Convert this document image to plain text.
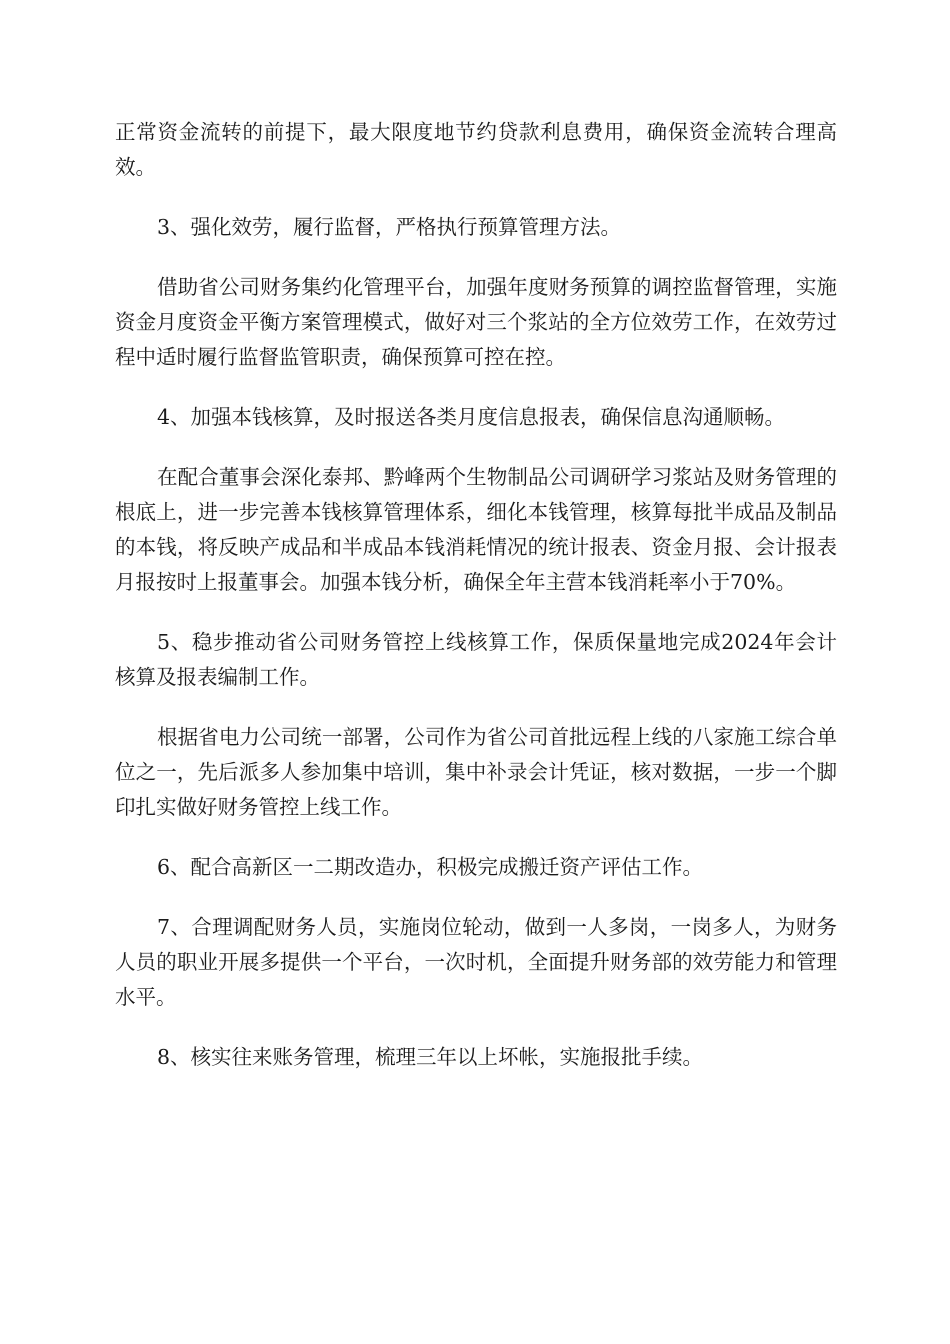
正常资金流转的前提下，最大限度地节约贷款利息费用，确保资金流转合理高效。

3、强化效劳，履行监督，严格执行预算管理方法。

借助省公司财务集约化管理平台，加强年度财务预算的调控监督管理，实施资金月度资金平衡方案管理模式，做好对三个浆站的全方位效劳工作，在效劳过程中适时履行监督监管职责，确保预算可控在控。

4、加强本钱核算，及时报送各类月度信息报表，确保信息沟通顺畅。

在配合董事会深化泰邦、黔峰两个生物制品公司调研学习浆站及财务管理的根底上，进一步完善本钱核算管理体系，细化本钱管理，核算每批半成品及制品的本钱，将反映产成品和半成品本钱消耗情况的统计报表、资金月报、会计报表月报按时上报董事会。加强本钱分析，确保全年主营本钱消耗率小于70%。

5、稳步推动省公司财务管控上线核算工作，保质保量地完成2024年会计核算及报表编制工作。

根据省电力公司统一部署，公司作为省公司首批远程上线的八家施工综合单位之一，先后派多人参加集中培训，集中补录会计凭证，核对数据，一步一个脚印扎实做好财务管控上线工作。

6、配合高新区一二期改造办，积极完成搬迁资产评估工作。

7、合理调配财务人员，实施岗位轮动，做到一人多岗，一岗多人，为财务人员的职业开展多提供一个平台，一次时机，全面提升财务部的效劳能力和管理水平。

8、核实往来账务管理，梳理三年以上坏帐，实施报批手续。
